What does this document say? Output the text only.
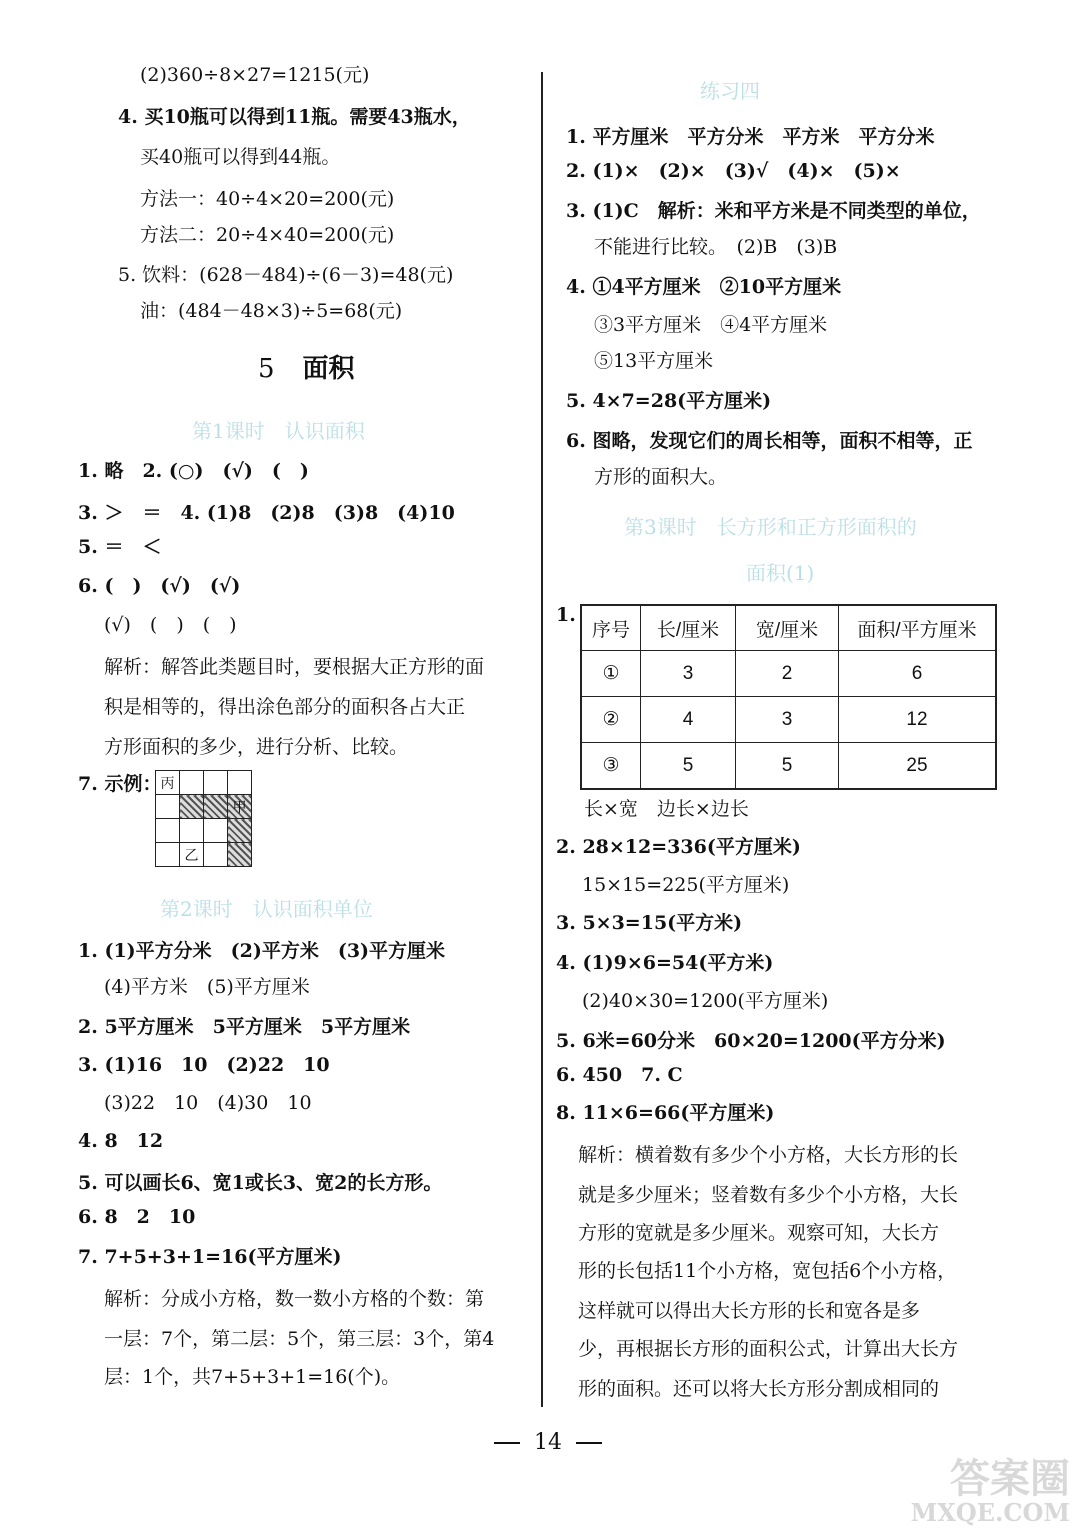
(2)360÷8×27=1215(元)
4. 买10瓶可以得到11瓶。需要43瓶水，
买40瓶可以得到44瓶。
方法一：40÷4×20=200(元)
方法二：20÷4×40=200(元)
5. 饮料：(628－484)÷(6－3)=48(元)
油：(484－48×3)÷5=68(元)
5 面积
第1课时　认识面积
1. 略　2. (○)　(√)　(　)
3. ＞　＝　4. (1)8　(2)8　(3)8　(4)10
5. ＝　＜
6. (　)　(√)　(√)
(√)　(　)　(　)
解析：解答此类题目时，要根据大正方形的面
积是相等的，得出涂色部分的面积各占大正
方形面积的多少，进行分析、比较。
7. 示例： 丙			
			甲

	乙		
第2课时　认识面积单位
1. (1)平方分米　(2)平方米　(3)平方厘米
(4)平方米　(5)平方厘米
2. 5平方厘米　5平方厘米　5平方厘米
3. (1)16　10　(2)22　10
(3)22　10　(4)30　10
4. 8　12
5. 可以画长6、宽1或长3、宽2的长方形。
6. 8　2　10
7. 7+5+3+1=16(平方厘米)
解析：分成小方格，数一数小方格的个数：第
一层：7个，第二层：5个，第三层：3个，第4
层：1个，共7+5+3+1=16(个)。
练习四
1. 平方厘米　平方分米　平方米　平方分米
2. (1)×　(2)×　(3)√　(4)×　(5)×
3. (1)C　解析：米和平方米是不同类型的单位，
不能进行比较。　(2)B　(3)B
4. ①4平方厘米　②10平方厘米
③3平方厘米　④4平方厘米
⑤13平方厘米
5. 4×7=28(平方厘米)
6. 图略，发现它们的周长相等，面积不相等，正
方形的面积大。
第3课时　长方形和正方形面积的
面积(1)
1.
序号	长/厘米	宽/厘米	面积/平方厘米
①	3	2	6
②	4	3	12
③	5	5	25
长×宽　边长×边长
2. 28×12=336(平方厘米)
15×15=225(平方厘米)
3. 5×3=15(平方米)
4. (1)9×6=54(平方米)
(2)40×30=1200(平方厘米)
5. 6米=60分米　60×20=1200(平方分米)
6. 450　7. C
8. 11×6=66(平方厘米)
解析：横着数有多少个小方格，大长方形的长
就是多少厘米；竖着数有多少个小方格，大长
方形的宽就是多少厘米。观察可知，大长方
形的长包括11个小方格，宽包括6个小方格，
这样就可以得出大长方形的长和宽各是多
少，再根据长方形的面积公式，计算出大长方
形的面积。还可以将大长方形分割成相同的
14
答案圈
MXQE.COM
